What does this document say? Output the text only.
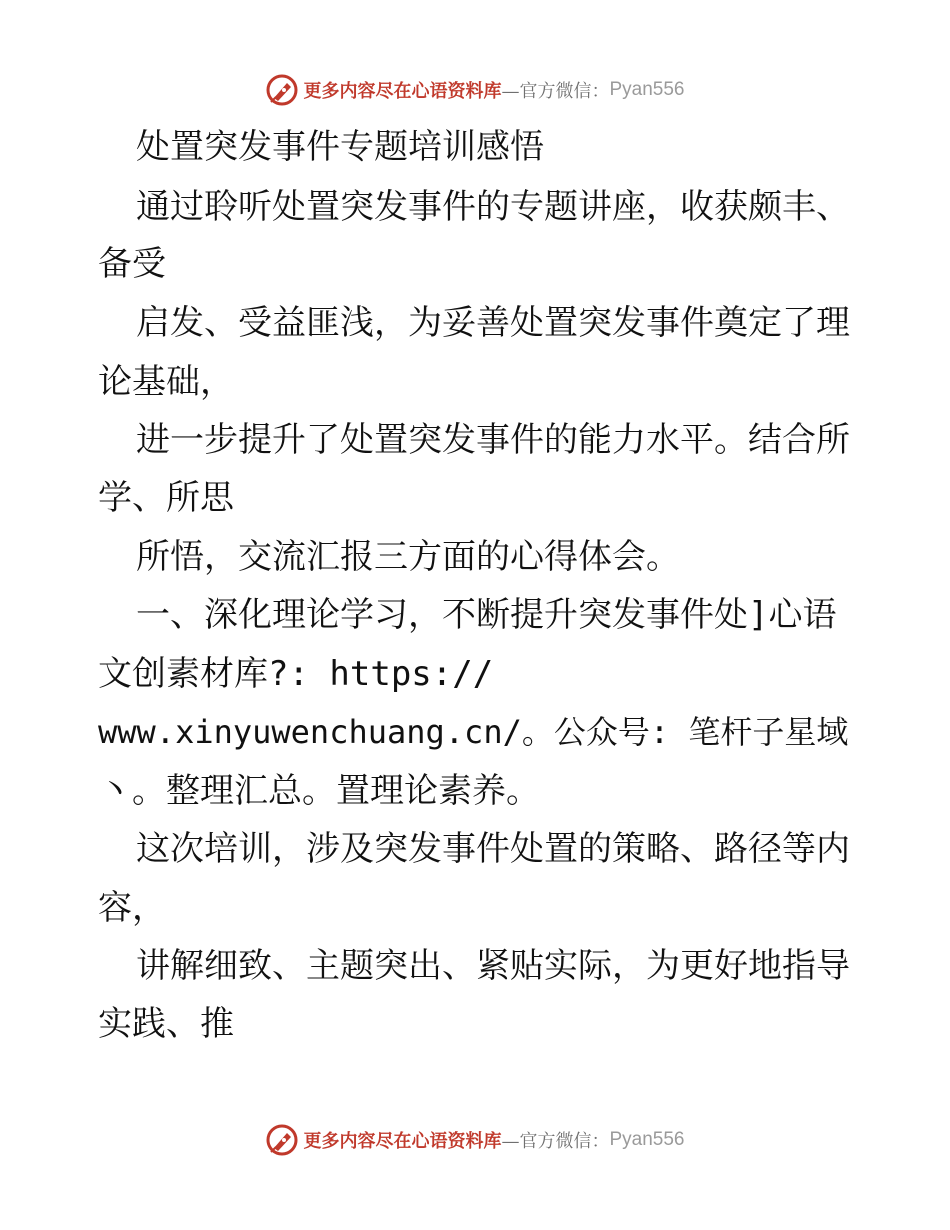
更多内容尽在心语资料库 —官方微信： Pyan556
处置突发事件专题培训感悟
通过聆听处置突发事件的专题讲座，收获颇丰、
备受
启发、受益匪浅，为妥善处置突发事件奠定了理
论基础，
进一步提升了处置突发事件的能力水平。结合所
学、所思
所悟，交流汇报三方面的心得体会。
一、深化理论学习，不断提升突发事件处]心语
文创素材库?: https://
www.xinyuwenchuang.cn/。公众号: 笔杆子星域
丶。整理汇总。置理论素养。
这次培训，涉及突发事件处置的策略、路径等内
容，
讲解细致、主题突出、紧贴实际，为更好地指导
实践、推
更多内容尽在心语资料库 —官方微信： Pyan556
